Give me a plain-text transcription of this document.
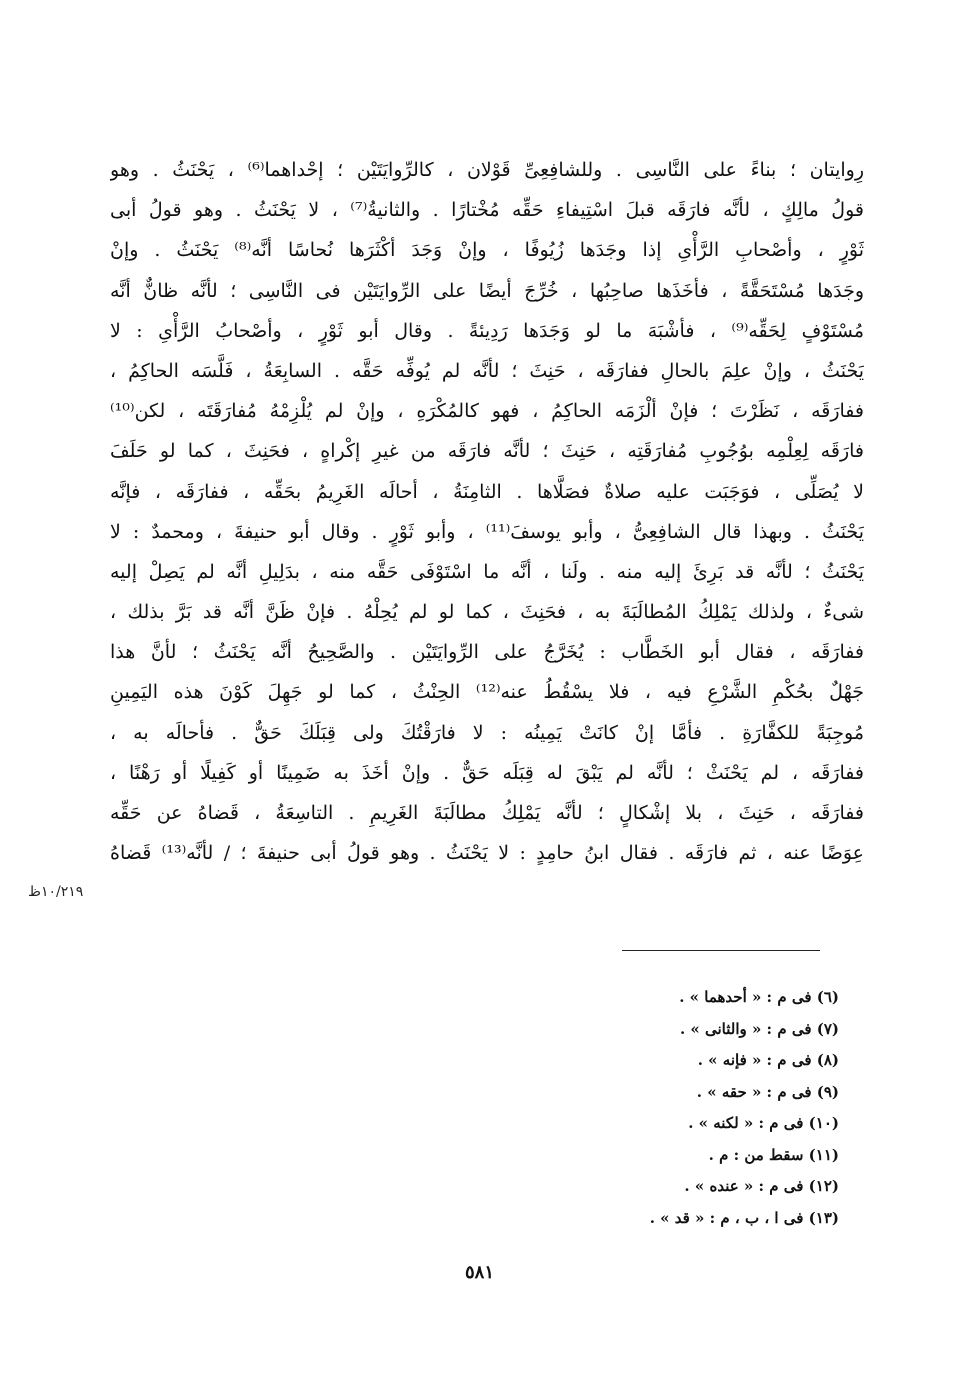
رِوايتان ؛ بناءً على النَّاسِى . وللشافِعِىِّ قَوْلان ، كالرِّوايَتَيْن ؛ إحْداهما⁽⁶⁾ ، يَحْنَثُ . وهو
قولُ مالِكٍ ، لأنَّه فارَقَه قبلَ اسْتِيفاءِ حَقِّه مُخْتارًا . والثانيةُ⁽⁷⁾ ، لا يَحْنَثُ . وهو قولُ أبى
ثَوْرٍ ، وأصْحابِ الرَّأْىِ إذا وجَدَها زُيُوفًا ، وإنْ وَجَدَ أكْثَرَها نُحاسًا أنَّه⁽⁸⁾ يَحْنَثُ . وإنْ
وجَدَها مُسْتَحَقَّةً ، فأخَذَها صاحِبُها ، خُرِّجَ أيضًا على الرِّوايَتَيْن فى النَّاسِى ؛ لأنَّه ظانٌّ أنَّه
مُسْتَوْفٍ لِحَقِّه⁽⁹⁾ ، فأشْبَهَ ما لو وَجَدَها رَدِيئةً . وقال أبو ثَوْرٍ ، وأصْحابُ الرَّأْىِ : لا
يَحْنَثُ ، وإنْ علِمَ بالحالِ ففارَقَه ، حَنِثَ ؛ لأنَّه لم يُوفِّه حَقَّه . السابِعَةُ ، فَلَّسَه الحاكِمُ ،
ففارَقَه ، نَظَرْتَ ؛ فإنْ ألْزَمَه الحاكِمُ ، فهو كالمُكْرَهِ ، وإنْ لم يُلْزِمْهُ مُفارَقَتَه ، لكن⁽¹⁰⁾
فارَقَه لِعِلْمِه بوُجُوبِ مُفارَقَتِه ، حَنِثَ ؛ لأنَّه فارَقَه من غيرِ إكْراهٍ ، فحَنِثَ ، كما لو حَلَفَ
لا يُصَلِّى ، فوَجَبَت عليه صلاةٌ فصَلَّاها . الثامِنَةُ ، أحالَه الغَرِيمُ بحَقِّه ، ففارَقَه ، فإنَّه
يَحْنَثُ . وبهذا قال الشافِعِىُّ ، وأبو يوسفَ⁽¹¹⁾ ، وأبو ثَوْرٍ . وقال أبو حنيفةَ ، ومحمدٌ : لا
يَحْنَثُ ؛ لأنَّه قد بَرِئَ إليه منه . ولَنا ، أنَّه ما اسْتَوْفَى حَقَّه منه ، بدَلِيلِ أنَّه لم يَصِلْ إليه
شىءٌ ، ولذلك يَمْلِكُ المُطالَبَةَ به ، فحَنِثَ ، كما لو لم يُحِلْهُ . فإنْ ظَنَّ أنَّه قد بَرَّ بذلك ،
ففارَقَه ، فقال أبو الخَطَّاب : يُخَرَّجُ على الرِّوايَتَيْن . والصَّحِيحُ أنَّه يَحْنَثُ ؛ لأنَّ هذا
جَهْلٌ بحُكْمِ الشَّرْعِ فيه ، فلا يسْقُطُ عنه⁽¹²⁾ الحِنْثُ ، كما لو جَهِلَ كَوْنَ هذه اليَمِينِ
مُوجِبَةً للكفَّارَةِ . فأمَّا إنْ كانَتْ يَمِينُه : لا فارَقْتُكَ ولى قِبَلَكَ حَقٌّ . فأحالَه به ،
ففارَقَه ، لم يَحْنَثْ ؛ لأنَّه لم يَبْقَ له قِبَلَه حَقٌّ . وإنْ أخَذَ به ضَمِينًا أو كَفِيلًا أو رَهْنًا ،
ففارَقَه ، حَنِثَ ، بلا إشْكالٍ ؛ لأنَّه يَمْلِكُ مطالَبَةَ الغَرِيمِ . التاسِعَةُ ، قَضاهُ عن حَقِّه
عِوَضًا عنه ، ثم فارَقَه . فقال ابنُ حامِدٍ : لا يَحْنَثُ . وهو قولُ أبى حنيفةَ ؛ / لأنَّه⁽¹³⁾ قَضاهُ
١٠/٢١٩ظ
(٦) فى م : « أحدهما » .
(٧) فى م : « والثانى » .
(٨) فى م : « فإنه » .
(٩) فى م : « حقه » .
(١٠) فى م : « لكنه » .
(١١) سقط من : م .
(١٢) فى م : « عنده » .
(١٣) فى ا ، ب ، م : « قد » .
٥٨١
